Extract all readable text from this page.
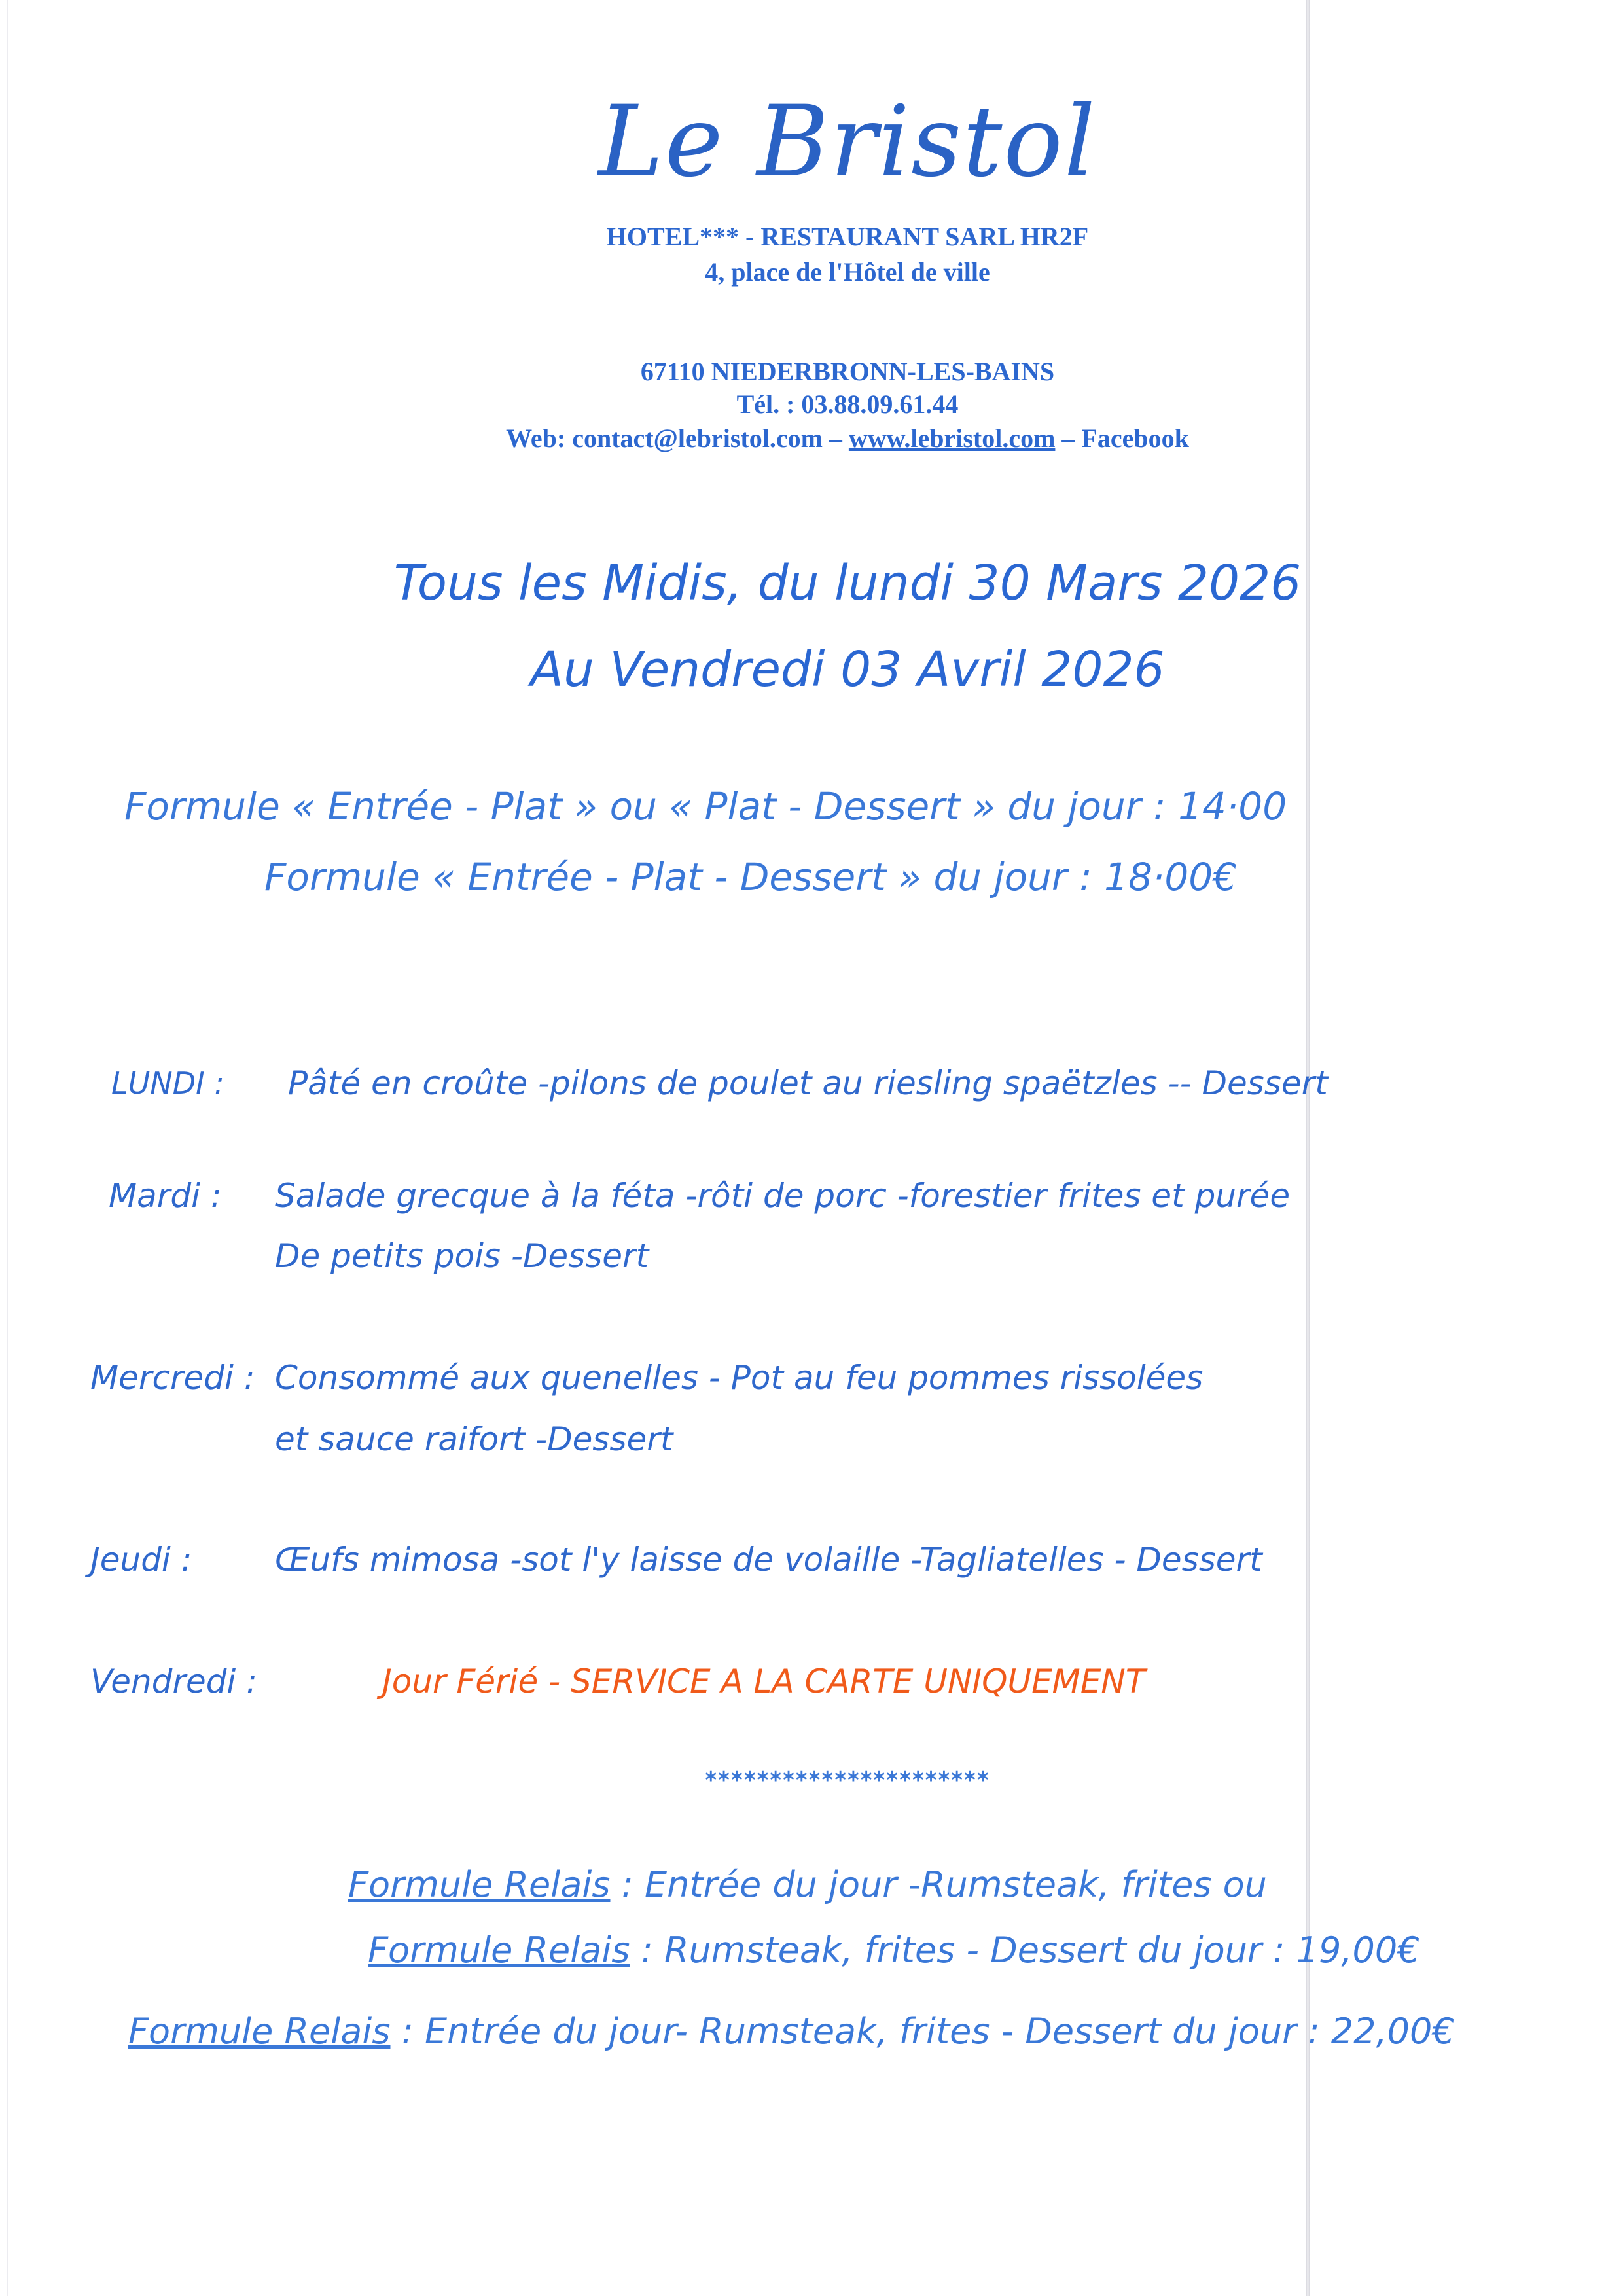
Le Bristol
HOTEL*** - RESTAURANT SARL HR2F
4, place de l'Hôtel de ville
67110 NIEDERBRONN-LES-BAINS
Tél. : 03.88.09.61.44
Web: contact@lebristol.com – www.lebristol.com – Facebook
Tous les Midis, du lundi 30 Mars 2026
Au Vendredi 03 Avril 2026
Formule « Entrée - Plat » ou « Plat - Dessert » du jour : 14·00
Formule « Entrée - Plat - Dessert » du jour : 18·00€
LUNDI : Pâté en croûte -pilons de poulet au riesling spaëtzles -- Dessert
Mardi : Salade grecque à la féta -rôti de porc -forestier frites et purée
De petits pois -Dessert
Mercredi : Consommé aux quenelles - Pot au feu pommes rissolées
et sauce raifort -Dessert
Jeudi :	Œufs mimosa -sot l'y laisse de volaille -Tagliatelles - Dessert
Vendredi :	Jour Férié - SERVICE A LA CARTE UNIQUEMENT
**********************
Formule Relais : Entrée du jour -Rumsteak, frites ou
Formule Relais : Rumsteak, frites - Dessert du jour : 19,00€
Formule Relais : Entrée du jour- Rumsteak, frites - Dessert du jour : 22,00€
